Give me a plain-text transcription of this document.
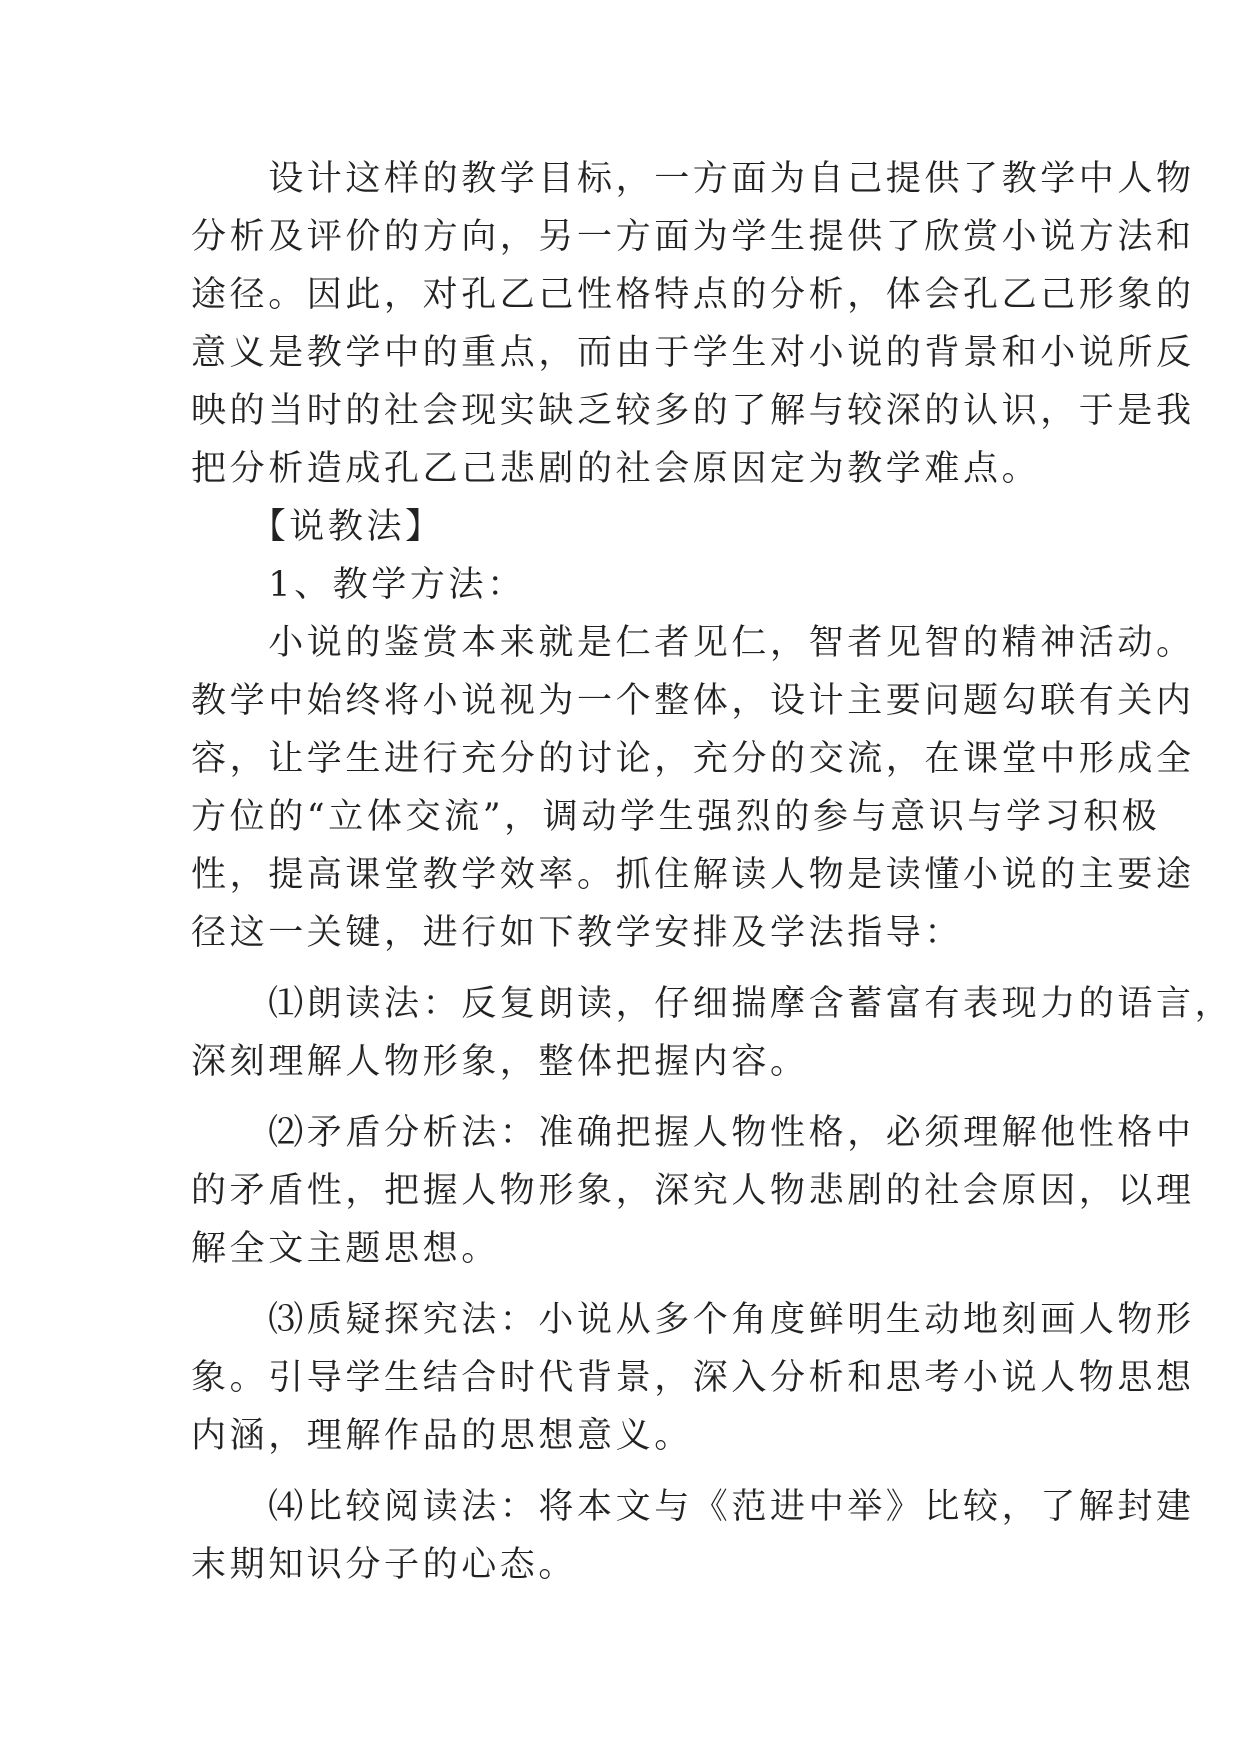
　　设计这样的教学目标，一方面为自己提供了教学中人物
分析及评价的方向，另一方面为学生提供了欣赏小说方法和
途径。因此，对孔乙己性格特点的分析，体会孔乙己形象的
意义是教学中的重点，而由于学生对小说的背景和小说所反
映的当时的社会现实缺乏较多的了解与较深的认识，于是我
把分析造成孔乙己悲剧的社会原因定为教学难点。
　　【说教法】
　　1、教学方法：
　　小说的鉴赏本来就是仁者见仁，智者见智的精神活动。
教学中始终将小说视为一个整体，设计主要问题勾联有关内
容，让学生进行充分的讨论，充分的交流，在课堂中形成全
方位的“立体交流”，调动学生强烈的参与意识与学习积极
性，提高课堂教学效率。抓住解读人物是读懂小说的主要途
径这一关键，进行如下教学安排及学法指导：
　　⑴朗读法：反复朗读，仔细揣摩含蓄富有表现力的语言，
深刻理解人物形象，整体把握内容。
　　⑵矛盾分析法：准确把握人物性格，必须理解他性格中
的矛盾性，把握人物形象，深究人物悲剧的社会原因，以理
解全文主题思想。
　　⑶质疑探究法：小说从多个角度鲜明生动地刻画人物形
象。引导学生结合时代背景，深入分析和思考小说人物思想
内涵，理解作品的思想意义。
　　⑷比较阅读法：将本文与《范进中举》比较，了解封建
末期知识分子的心态。
